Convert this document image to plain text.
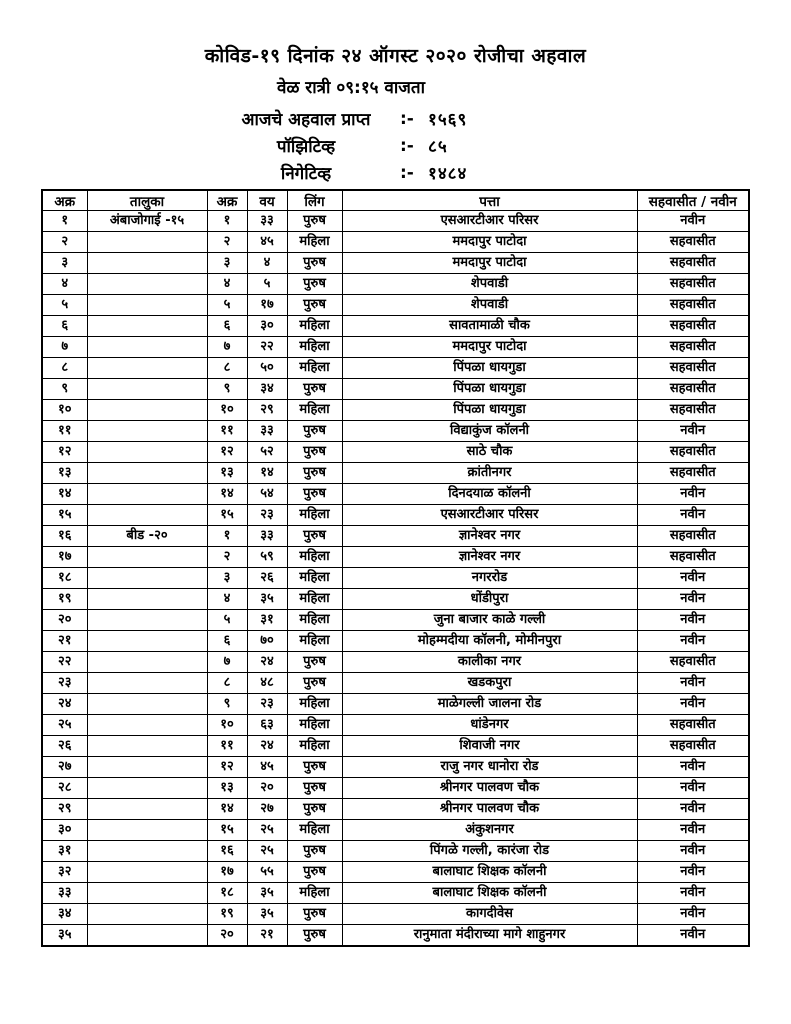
कोविड-१९ दिनांक २४ ऑगस्ट २०२० रोजीचा अहवाल
वेळ रात्री ०९:१५ वाजता
आजचे अहवाल प्राप्त	:- १५६९
पॉझिटिव्ह	:- ८५
निगेटिव्ह	:- १४८४
अक्र	तालुका	अक्र	वय	लिंग	पत्ता	सहवासीत / नवीन
१	अंबाजोगाई -१५	१	३३	पुरुष	एसआरटीआर परिसर	नवीन
२		२	४५	महिला	ममदापुर पाटोदा	सहवासीत
३		३	४	पुरुष	ममदापुर पाटोदा	सहवासीत
४		४	५	पुरुष	शेपवाडी	सहवासीत
५		५	१७	पुरुष	शेपवाडी	सहवासीत
६		६	३०	महिला	सावतामाळी चौक	सहवासीत
७		७	२२	महिला	ममदापुर पाटोदा	सहवासीत
८		८	५०	महिला	पिंपळा धायगुडा	सहवासीत
९		९	३४	पुरुष	पिंपळा धायगुडा	सहवासीत
१०		१०	२९	महिला	पिंपळा धायगुडा	सहवासीत
११		११	३३	पुरुष	विद्याकुंज कॉलनी	नवीन
१२		१२	५२	पुरुष	साठे चौक	सहवासीत
१३		१३	१४	पुरुष	क्रांतीनगर	सहवासीत
१४		१४	५४	पुरुष	दिनदयाळ कॉलनी	नवीन
१५		१५	२३	महिला	एसआरटीआर परिसर	नवीन
१६	बीड -२०	१	३३	पुरुष	ज्ञानेश्वर नगर	सहवासीत
१७		२	५९	महिला	ज्ञानेश्वर नगर	सहवासीत
१८		३	२६	महिला	नगररोड	नवीन
१९		४	३५	महिला	धोंडीपुरा	नवीन
२०		५	३१	महिला	जुना बाजार काळे गल्ली	नवीन
२१		६	७०	महिला	मोहम्मदीया कॉलनी, मोमीनपुरा	नवीन
२२		७	२४	पुरुष	कालीका नगर	सहवासीत
२३		८	४८	पुरुष	खडकपुरा	नवीन
२४		९	२३	महिला	माळेगल्ली जालना रोड	नवीन
२५		१०	६३	महिला	धांडेनगर	सहवासीत
२६		११	२४	महिला	शिवाजी नगर	सहवासीत
२७		१२	४५	पुरुष	राजु नगर धानोरा रोड	नवीन
२८		१३	२०	पुरुष	श्रीनगर पालवण चौक	नवीन
२९		१४	२७	पुरुष	श्रीनगर पालवण चौक	नवीन
३०		१५	२५	महिला	अंकुशनगर	नवीन
३१		१६	२५	पुरुष	पिंगळे गल्ली, कारंजा रोड	नवीन
३२		१७	५५	पुरुष	बालाघाट शिक्षक कॉलनी	नवीन
३३		१८	३५	महिला	बालाघाट शिक्षक कॉलनी	नवीन
३४		१९	३५	पुरुष	कागदीवेस	नवीन
३५		२०	२१	पुरुष	रानुमाता मंदीराच्या मागे शाहुनगर	नवीन
